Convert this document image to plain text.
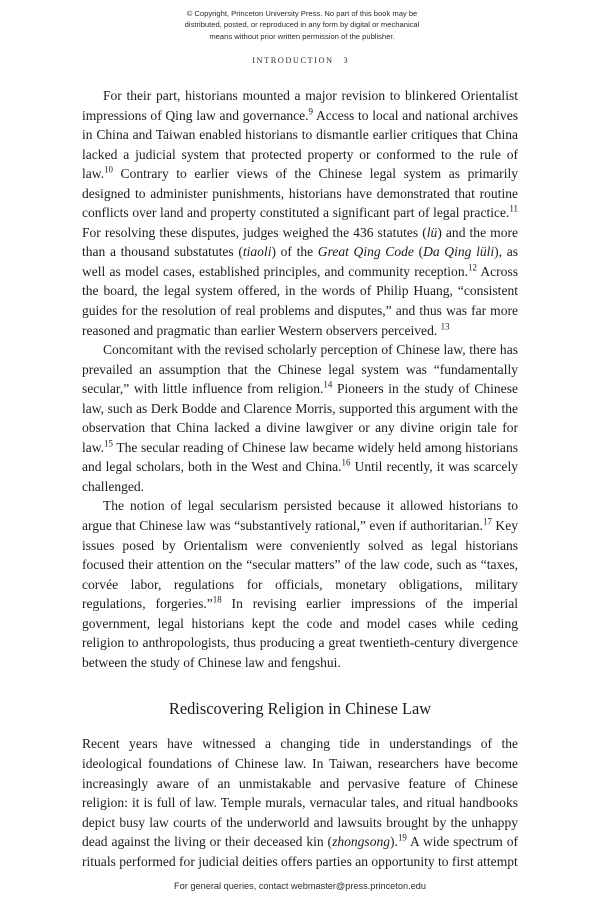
© Copyright, Princeton University Press. No part of this book may be
distributed, posted, or reproduced in any form by digital or mechanical
means without prior written permission of the publisher.
INTRODUCTION 3

For their part, historians mounted a major revision to blinkered Orientalist impressions of Qing law and governance.$^9$ Access to local and national archives in China and Taiwan enabled historians to dismantle earlier critiques that China lacked a judicial system that protected property or conformed to the rule of law.$^{10}$ Contrary to earlier views of the Chinese legal system as primarily designed to administer punishments, historians have demonstrated that routine conflicts over land and property constituted a significant part of legal practice.$^{11}$ For resolving these disputes, judges weighed the 436 statutes (lü) and the more than a thousand substatutes (tiaoli) of the Great Qing Code (Da Qing lüli), as well as model cases, established principles, and community reception.$^{12}$ Across the board, the legal system offered, in the words of Philip Huang, “consistent guides for the resolution of real problems and disputes,” and thus was far more reasoned and pragmatic than earlier Western observers perceived. $^{13}$

Concomitant with the revised scholarly perception of Chinese law, there has prevailed an assumption that the Chinese legal system was “fundamentally secular,” with little influence from religion.$^{14}$ Pioneers in the study of Chinese law, such as Derk Bodde and Clarence Morris, supported this argument with the observation that China lacked a divine lawgiver or any divine origin tale for law.$^{15}$ The secular reading of Chinese law became widely held among historians and legal scholars, both in the West and China.$^{16}$ Until recently, it was scarcely challenged.

The notion of legal secularism persisted because it allowed historians to argue that Chinese law was “substantively rational,” even if authoritarian.$^{17}$ Key issues posed by Orientalism were conveniently solved as legal historians focused their attention on the “secular matters” of the law code, such as “taxes, corvée labor, regulations for officials, monetary obligations, military regulations, forgeries.”$^{18}$ In revising earlier impressions of the imperial government, legal historians kept the code and model cases while ceding religion to anthropologists, thus producing a great twentieth-century divergence between the study of Chinese law and fengshui.

Rediscovering Religion in Chinese Law

Recent years have witnessed a changing tide in understandings of the ideological foundations of Chinese law. In Taiwan, researchers have become increasingly aware of an unmistakable and pervasive feature of Chinese religion: it is full of law. Temple murals, vernacular tales, and ritual handbooks depict busy law courts of the underworld and lawsuits brought by the unhappy dead against the living or their deceased kin (zhongsong).$^{19}$ A wide spectrum of rituals performed for judicial deities offers parties an opportunity to first attempt

For general queries, contact webmaster@press.princeton.edu
